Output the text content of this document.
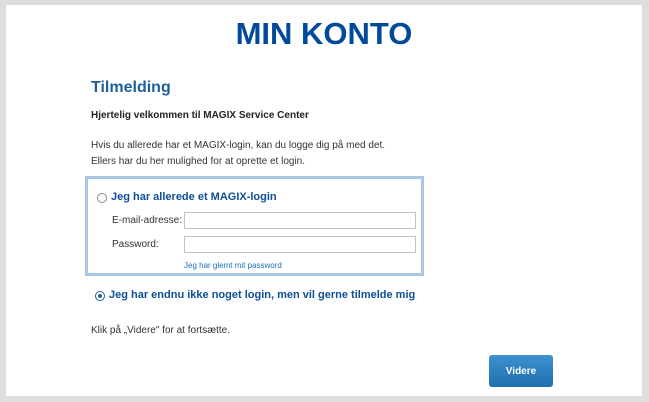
MIN KONTO
Tilmelding
Hjertelig velkommen til MAGIX Service Center
Hvis du allerede har et MAGIX-login, kan du logge dig på med det.
Ellers har du her mulighed for at oprette et login.
Jeg har allerede et MAGIX-login
E-mail-adresse:
Password:
Jeg har glemt mit password
Jeg har endnu ikke noget login, men vil gerne tilmelde mig
Klik på „Videre" for at fortsætte.
Videre
